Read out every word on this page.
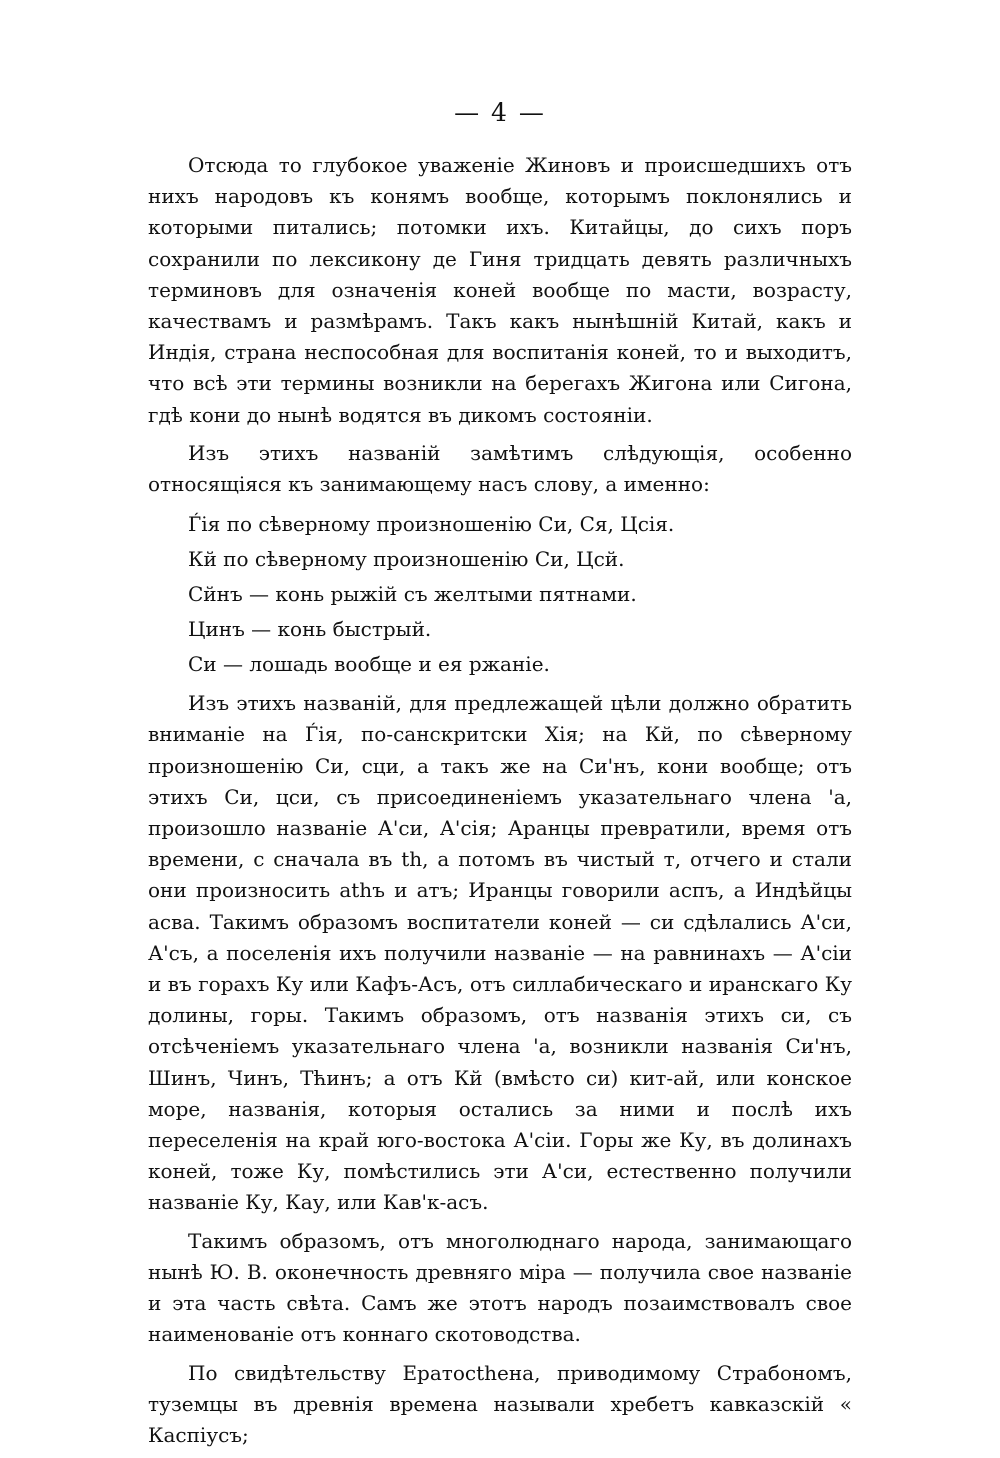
— 4 —

Отсюда то глубокое уваженіе Жиновъ и происшедшихъ отъ нихъ народовъ къ конямъ вообще, которымъ поклонялись и которыми питались; потомки ихъ. Китайцы, до сихъ поръ сохранили по лексикону де Гиня тридцать девять различныхъ терминовъ для означенія коней вообще по масти, возрасту, качествамъ и размѣрамъ. Такъ какъ нынѣшній Китай, какъ и Индія, страна неспособная для воспитанія коней, то и выходитъ, что всѣ эти термины возникли на берегахъ Жигона или Сигона, гдѣ кони до нынѣ водятся въ дикомъ состояніи.

Изъ этихъ названій замѣтимъ слѣдующія, особенно относящіяся къ занимающему насъ слову, а именно:

Ѓія по сѣверному произношенію Си, Ся, Цсія.

Кй по сѣверному произношенію Си, Цсй.

Сйнъ — конь рыжій съ желтыми пятнами.

Цинъ — конь быстрый.

Си — лошадь вообще и ея ржаніе.

Изъ этихъ названій, для предлежащей цѣли должно обратить вниманіе на Ѓія, по-санскритски Хія; на Кй, по сѣверному произношенію Си, сци, а такъ же на Си'нъ, кони вообще; отъ этихъ Си, цси, съ присоединеніемъ указательнаго члена 'а, произошло названіе А'си, А'сія; Аранцы превратили, время отъ времени, с сначала въ th, а потомъ въ чистый т, отчего и стали они произносить athъ и атъ; Иранцы говорили аспъ, а Индѣйцы асва. Такимъ образомъ воспитатели коней — си сдѣлались А'си, А'съ, а поселенія ихъ получили названіе — на равнинахъ — А'сіи и въ горахъ Ку или Кафъ-Асъ, отъ силлабическаго и иранскаго Ку долины, горы. Такимъ образомъ, отъ названія этихъ си, съ отсѣченіемъ указательнаго члена 'а, возникли названія Си'нъ, Шинъ, Чинъ, Тћинъ; а отъ Кй (вмѣсто си) кит-ай, или конское море, названія, которыя остались за ними и послѣ ихъ переселенія на край юго-востока А'сіи. Горы же Ку, въ долинахъ коней, тоже Ку, помѣстились эти А'си, естественно получили названіе Ку, Кау, или Кав'к-асъ.

Такимъ образомъ, отъ многолюднаго народа, занимающаго нынѣ Ю. В. оконечность древняго міра — получила свое названіе и эта часть свѣта. Самъ же этотъ народъ позаимствовалъ свое наименованіе отъ коннаго скотоводства.

По свидѣтельству Ератосthена, приводимому Страбономъ, туземцы въ древнія времена называли хребетъ кавказскій « Каспіусъ;
